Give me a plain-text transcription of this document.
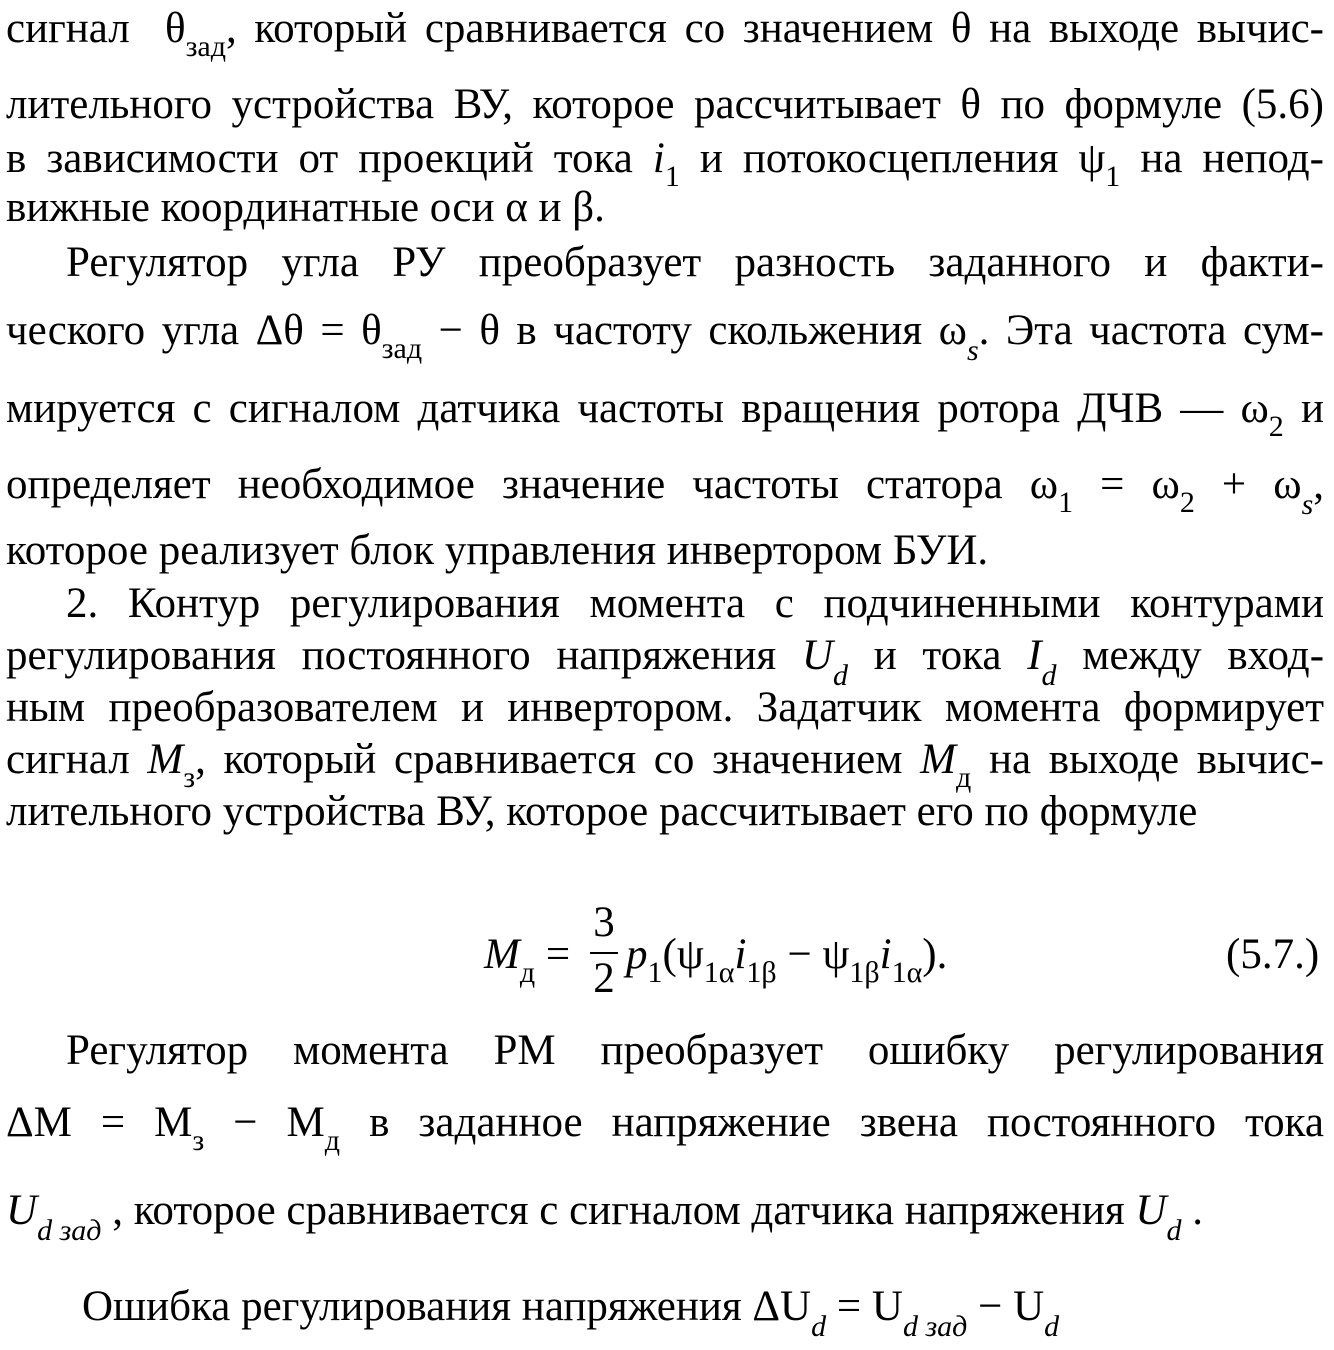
сигнал $\theta_{зад}$, который сравнивается со значением θ на выходе вычис-
лительного устройства ВУ, которое рассчитывает θ по формуле (5.6)
в зависимости от проекций тока $i_1$ и потокосцепления $\psi_1$ на непод-
вижные координатные оси α и β.
Регулятор угла РУ преобразует разность заданного и факти-
ческого угла $\Delta\theta = \theta_{зад} - \theta$ в частоту скольжения $\omega_s$. Эта частота сум-
мируется с сигналом датчика частоты вращения ротора ДЧВ — $\omega_2$ и
определяет необходимое значение частоты статора $\omega_1 = \omega_2 + \omega_s$,
которое реализует блок управления инвертором БУИ.
2. Контур регулирования момента с подчиненными контурами
регулирования постоянного напряжения $U_d$ и тока $I_d$ между вход-
ным преобразователем и инвертором. Задатчик момента формирует
сигнал $M_з$, который сравнивается со значением $M_д$ на выходе вычис-
лительного устройства ВУ, которое рассчитывает его по формуле
$M_д$ =
3
2
$p_1(\psi_{1\alpha}i_{1\beta} - \psi_{1\beta}i_{1\alpha})$.	(5.7.)
Регулятор момента РМ преобразует ошибку регулирования
$\Delta M = M_з - M_д$ в заданное напряжение звена постоянного тока
$U_{d зад}$ , которое сравнивается с сигналом датчика напряжения $U_d$ .
Ошибка регулирования напряжения $\Delta U_d = U_{d зад} - U_d$
